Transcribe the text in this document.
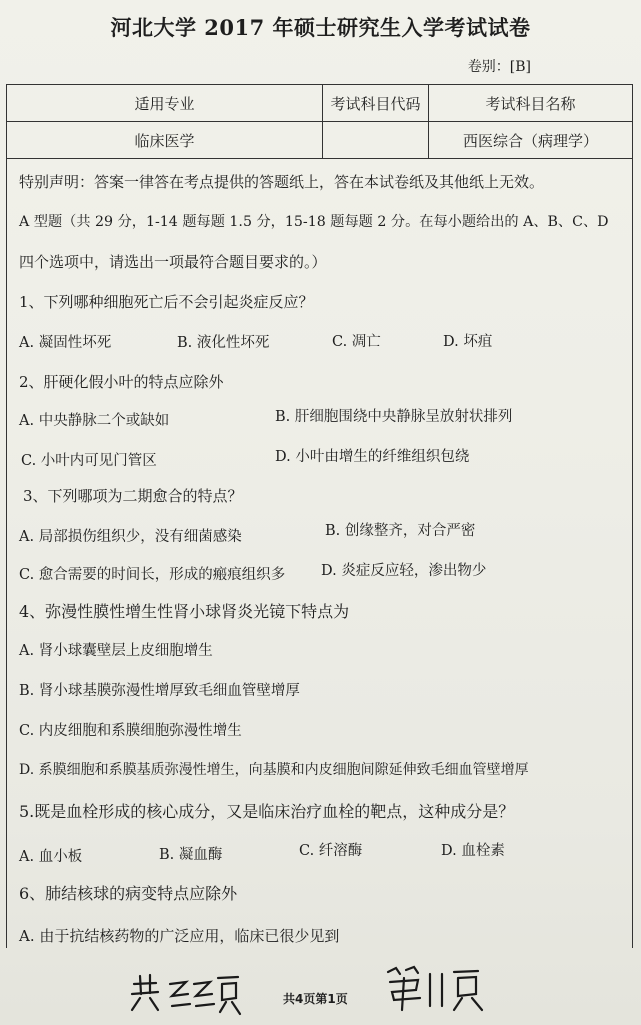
河北大学 2017 年硕士研究生入学考试试卷
卷别：[B]
适用专业	考试科目代码	考试科目名称
临床医学		西医综合（病理学）
特别声明：答案一律答在考点提供的答题纸上，答在本试卷纸及其他纸上无效。
A 型题（共 29 分，1-14 题每题 1.5 分，15-18 题每题 2 分。在每小题给出的 A、B、C、D
四个选项中，请选出一项最符合题目要求的。）
1、下列哪种细胞死亡后不会引起炎症反应？
A. 凝固性坏死	B. 液化性坏死	C. 凋亡	D. 坏疽
2、肝硬化假小叶的特点应除外
A. 中央静脉二个或缺如	B. 肝细胞围绕中央静脉呈放射状排列
C. 小叶内可见门管区	D. 小叶由增生的纤维组织包绕
3、下列哪项为二期愈合的特点？
A. 局部损伤组织少，没有细菌感染	B. 创缘整齐，对合严密
C. 愈合需要的时间长，形成的瘢痕组织多 D. 炎症反应轻，渗出物少
4、弥漫性膜性增生性肾小球肾炎光镜下特点为
A. 肾小球囊壁层上皮细胞增生
B. 肾小球基膜弥漫性增厚致毛细血管壁增厚
C. 内皮细胞和系膜细胞弥漫性增生
D. 系膜细胞和系膜基质弥漫性增生，向基膜和内皮细胞间隙延伸致毛细血管壁增厚
5.既是血栓形成的核心成分，又是临床治疗血栓的靶点，这种成分是？
A. 血小板	B. 凝血酶	C. 纤溶酶	D. 血栓素
6、肺结核球的病变特点应除外
A. 由于抗结核药物的广泛应用，临床已很少见到
共4页第1页
